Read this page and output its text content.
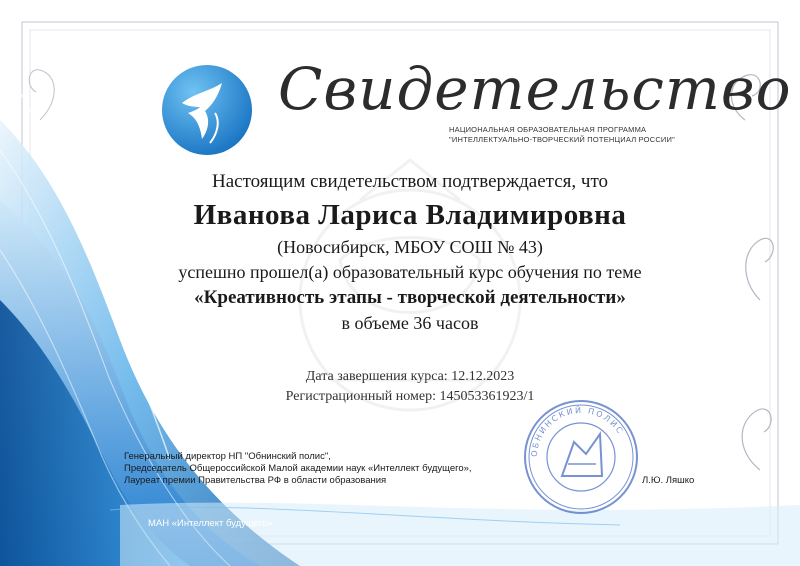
Свидетельство
НАЦИОНАЛЬНАЯ ОБРАЗОВАТЕЛЬНАЯ ПРОГРАММА
"ИНТЕЛЛЕКТУАЛЬНО-ТВОРЧЕСКИЙ ПОТЕНЦИАЛ РОССИИ"
Настоящим свидетельством подтверждается, что
Иванова Лариса Владимировна
(Новосибирск, МБОУ СОШ № 43)
успешно прошел(а) образовательный курс обучения по теме
«Креативность этапы - творческой деятельности»
в объеме 36 часов
Дата завершения курса: 12.12.2023
Регистрационный номер: 145053361923/1
Генеральный директор НП "Обнинский полис",
Председатель Общероссийской Малой академии наук «Интеллект будущего»,
Лауреат премии Правительства РФ в области образования
ОБНИНСКИЙ ПОЛИС
Л.Ю. Ляшко
МАН «Интеллект будущего»
